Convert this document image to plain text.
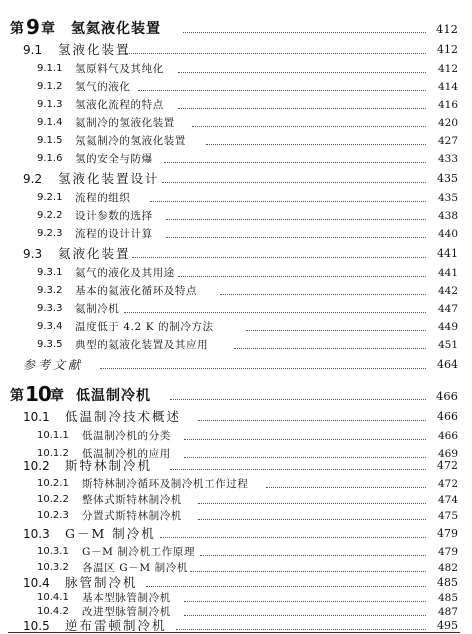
第 9 章 氢氦液化装置	412
9.1 氢液化装置	412
9.1.1 氢原料气及其纯化	412
9.1.2 氢气的液化	414
9.1.3 氢液化流程的特点	416
9.1.4 氦制冷的氢液化装置	420
9.1.5 氖氦制冷的氢液化装置	427
9.1.6 氢的安全与防爆	433
9.2 氢液化装置设计	435
9.2.1 流程的组织	435
9.2.2 设计参数的选择	438
9.2.3 流程的设计计算	440
9.3 氦液化装置	441
9.3.1 氦气的液化及其用途	441
9.3.2 基本的氦液化循环及特点	442
9.3.3 氦制冷机	447
9.3.4 温度低于 4.2 K 的制冷方法	449
9.3.5 典型的氦液化装置及其应用	451
参考文献	464
第 10 章 低温制冷机	466
10.1 低温制冷技术概述	466
10.1.1 低温制冷机的分类	466
10.1.2 低温制冷机的应用	469
10.2 斯特林制冷机	472
10.2.1 斯特林制冷循环及制冷机工作过程	472
10.2.2 整体式斯特林制冷机	474
10.2.3 分置式斯特林制冷机	475
10.3 G－M 制冷机	479
10.3.1 G－M 制冷机工作原理	479
10.3.2 各温区 G－M 制冷机	482
10.4 脉管制冷机	485
10.4.1 基本型脉管制冷机	485
10.4.2 改进型脉管制冷机	487
10.5 逆布雷顿制冷机	495
